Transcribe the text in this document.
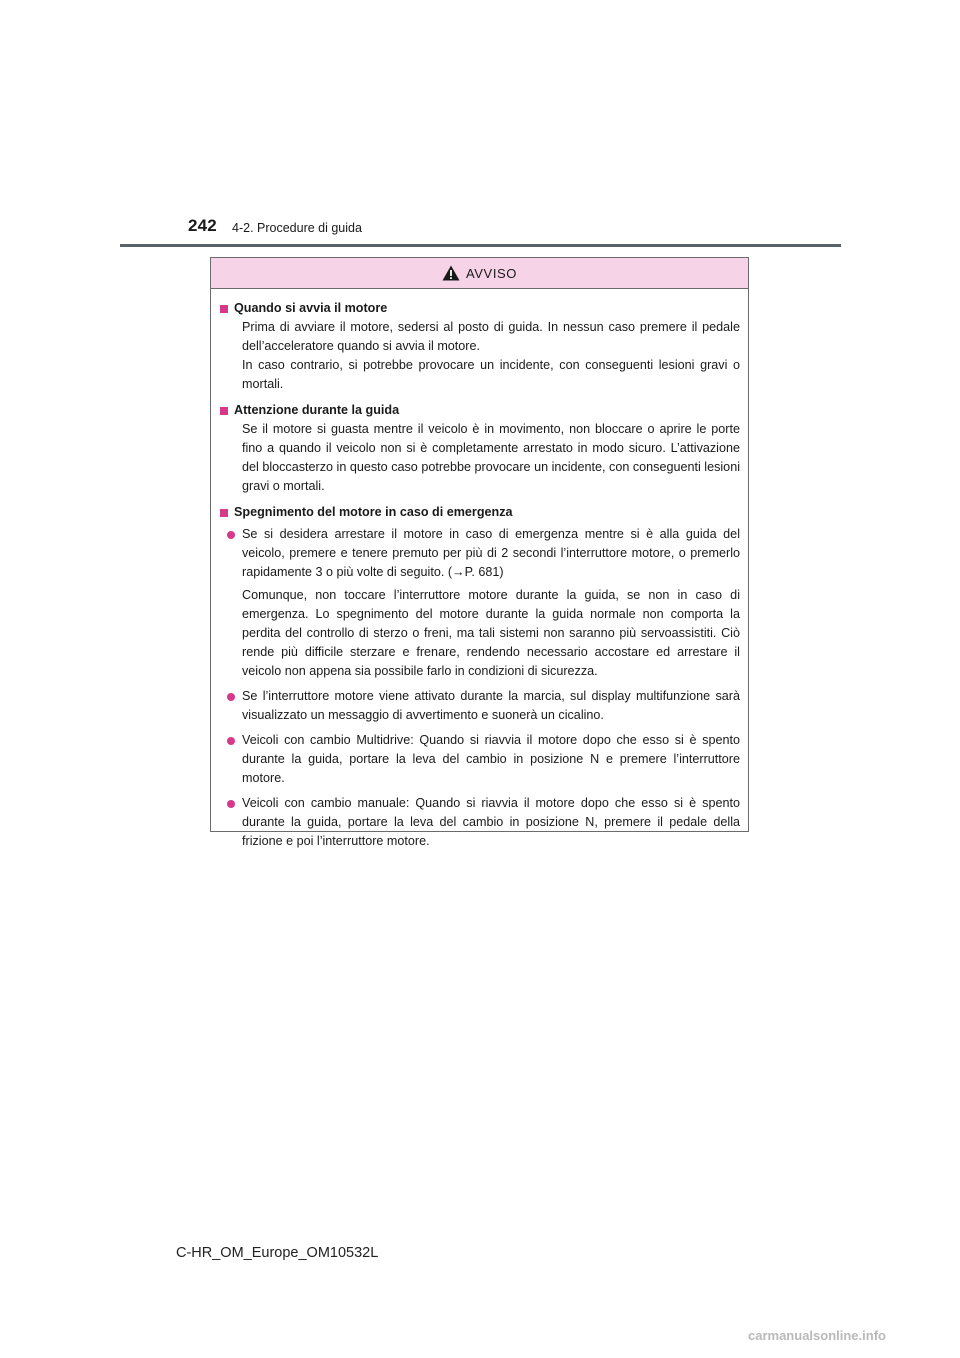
242 4-2. Procedure di guida
AVVISO
Quando si avvia il motore
Prima di avviare il motore, sedersi al posto di guida. In nessun caso premere il pedale dell’acceleratore quando si avvia il motore.
In caso contrario, si potrebbe provocare un incidente, con conseguenti lesioni gravi o mortali.
Attenzione durante la guida
Se il motore si guasta mentre il veicolo è in movimento, non bloccare o aprire le porte fino a quando il veicolo non si è completamente arrestato in modo sicuro. L’attivazione del bloccasterzo in questo caso potrebbe provocare un incidente, con conseguenti lesioni gravi o mortali.
Spegnimento del motore in caso di emergenza
Se si desidera arrestare il motore in caso di emergenza mentre si è alla guida del veicolo, premere e tenere premuto per più di 2 secondi l’interruttore motore, o premerlo rapidamente 3 o più volte di seguito. (→P. 681)
Comunque, non toccare l’interruttore motore durante la guida, se non in caso di emergenza. Lo spegnimento del motore durante la guida normale non comporta la perdita del controllo di sterzo o freni, ma tali sistemi non saranno più servoassistiti. Ciò rende più difficile sterzare e frenare, rendendo necessario accostare ed arrestare il veicolo non appena sia possibile farlo in condizioni di sicurezza.
Se l’interruttore motore viene attivato durante la marcia, sul display multifunzione sarà visualizzato un messaggio di avvertimento e suonerà un cicalino.
Veicoli con cambio Multidrive: Quando si riavvia il motore dopo che esso si è spento durante la guida, portare la leva del cambio in posizione N e premere l’interruttore motore.
Veicoli con cambio manuale: Quando si riavvia il motore dopo che esso si è spento durante la guida, portare la leva del cambio in posizione N, premere il pedale della frizione e poi l’interruttore motore.
C-HR_OM_Europe_OM10532L
carmanualsonline.info
